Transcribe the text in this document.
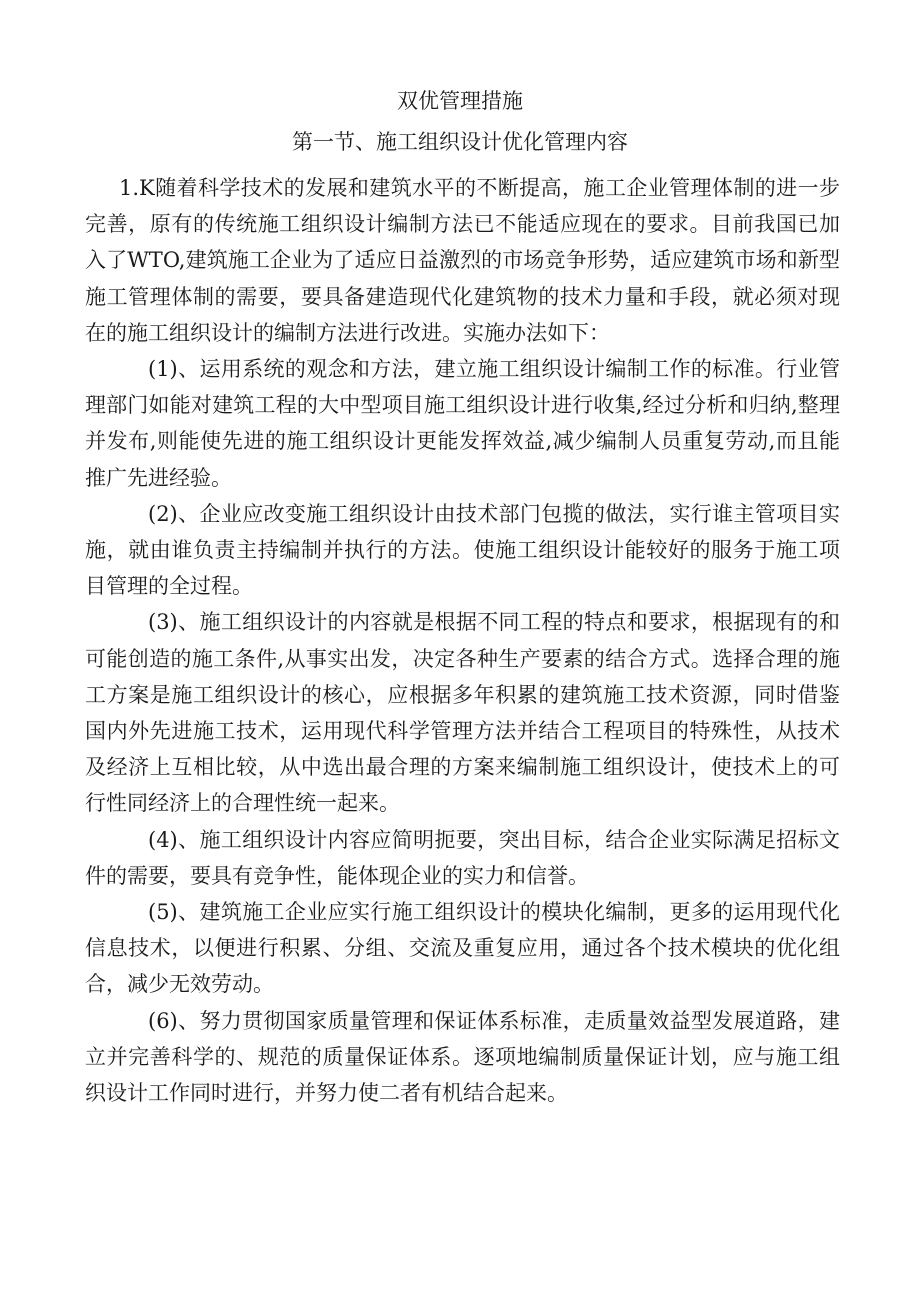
双优管理措施
第一节、施工组织设计优化管理内容

1.K随着科学技术的发展和建筑水平的不断提高，施工企业管理体制的进一步完善，原有的传统施工组织设计编制方法已不能适应现在的要求。目前我国已加入了WTO,建筑施工企业为了适应日益激烈的市场竞争形势，适应建筑市场和新型施工管理体制的需要，要具备建造现代化建筑物的技术力量和手段，就必须对现在的施工组织设计的编制方法进行改进。实施办法如下：

(1)、运用系统的观念和方法，建立施工组织设计编制工作的标准。行业管理部门如能对建筑工程的大中型项目施工组织设计进行收集,经过分析和归纳,整理并发布,则能使先进的施工组织设计更能发挥效益,减少编制人员重复劳动,而且能推广先进经验。

(2)、企业应改变施工组织设计由技术部门包揽的做法，实行谁主管项目实施，就由谁负责主持编制并执行的方法。使施工组织设计能较好的服务于施工项目管理的全过程。

(3)、施工组织设计的内容就是根据不同工程的特点和要求，根据现有的和可能创造的施工条件,从事实出发，决定各种生产要素的结合方式。选择合理的施工方案是施工组织设计的核心，应根据多年积累的建筑施工技术资源，同时借鉴国内外先进施工技术，运用现代科学管理方法并结合工程项目的特殊性，从技术及经济上互相比较，从中选出最合理的方案来编制施工组织设计，使技术上的可行性同经济上的合理性统一起来。

(4)、施工组织设计内容应简明扼要，突出目标，结合企业实际满足招标文件的需要，要具有竞争性，能体现企业的实力和信誉。

(5)、建筑施工企业应实行施工组织设计的模块化编制，更多的运用现代化信息技术，以便进行积累、分组、交流及重复应用，通过各个技术模块的优化组合，减少无效劳动。

(6)、努力贯彻国家质量管理和保证体系标准，走质量效益型发展道路，建立并完善科学的、规范的质量保证体系。逐项地编制质量保证计划，应与施工组织设计工作同时进行，并努力使二者有机结合起来。
